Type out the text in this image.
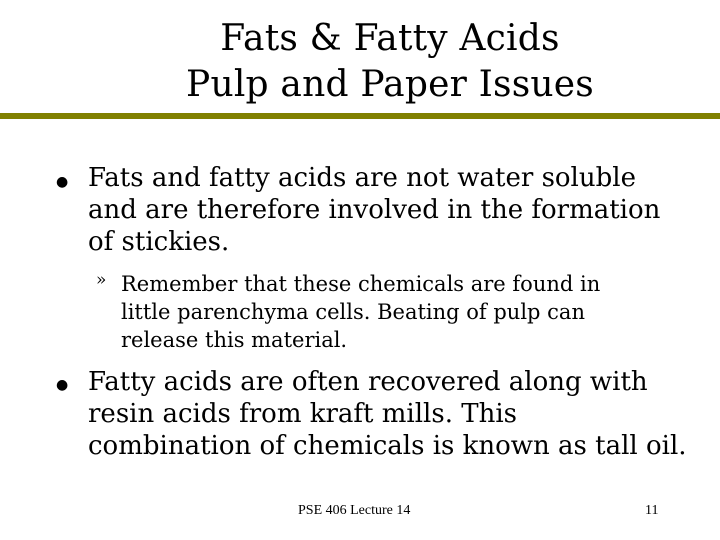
Fats & Fatty Acids
Pulp and Paper Issues
● Fats and fatty acids are not water soluble and are therefore involved in the formation of stickies.
» Remember that these chemicals are found in little parenchyma cells. Beating of pulp can release this material.
● Fatty acids are often recovered along with resin acids from kraft mills. This combination of chemicals is known as tall oil.
PSE 406 Lecture 14	11
